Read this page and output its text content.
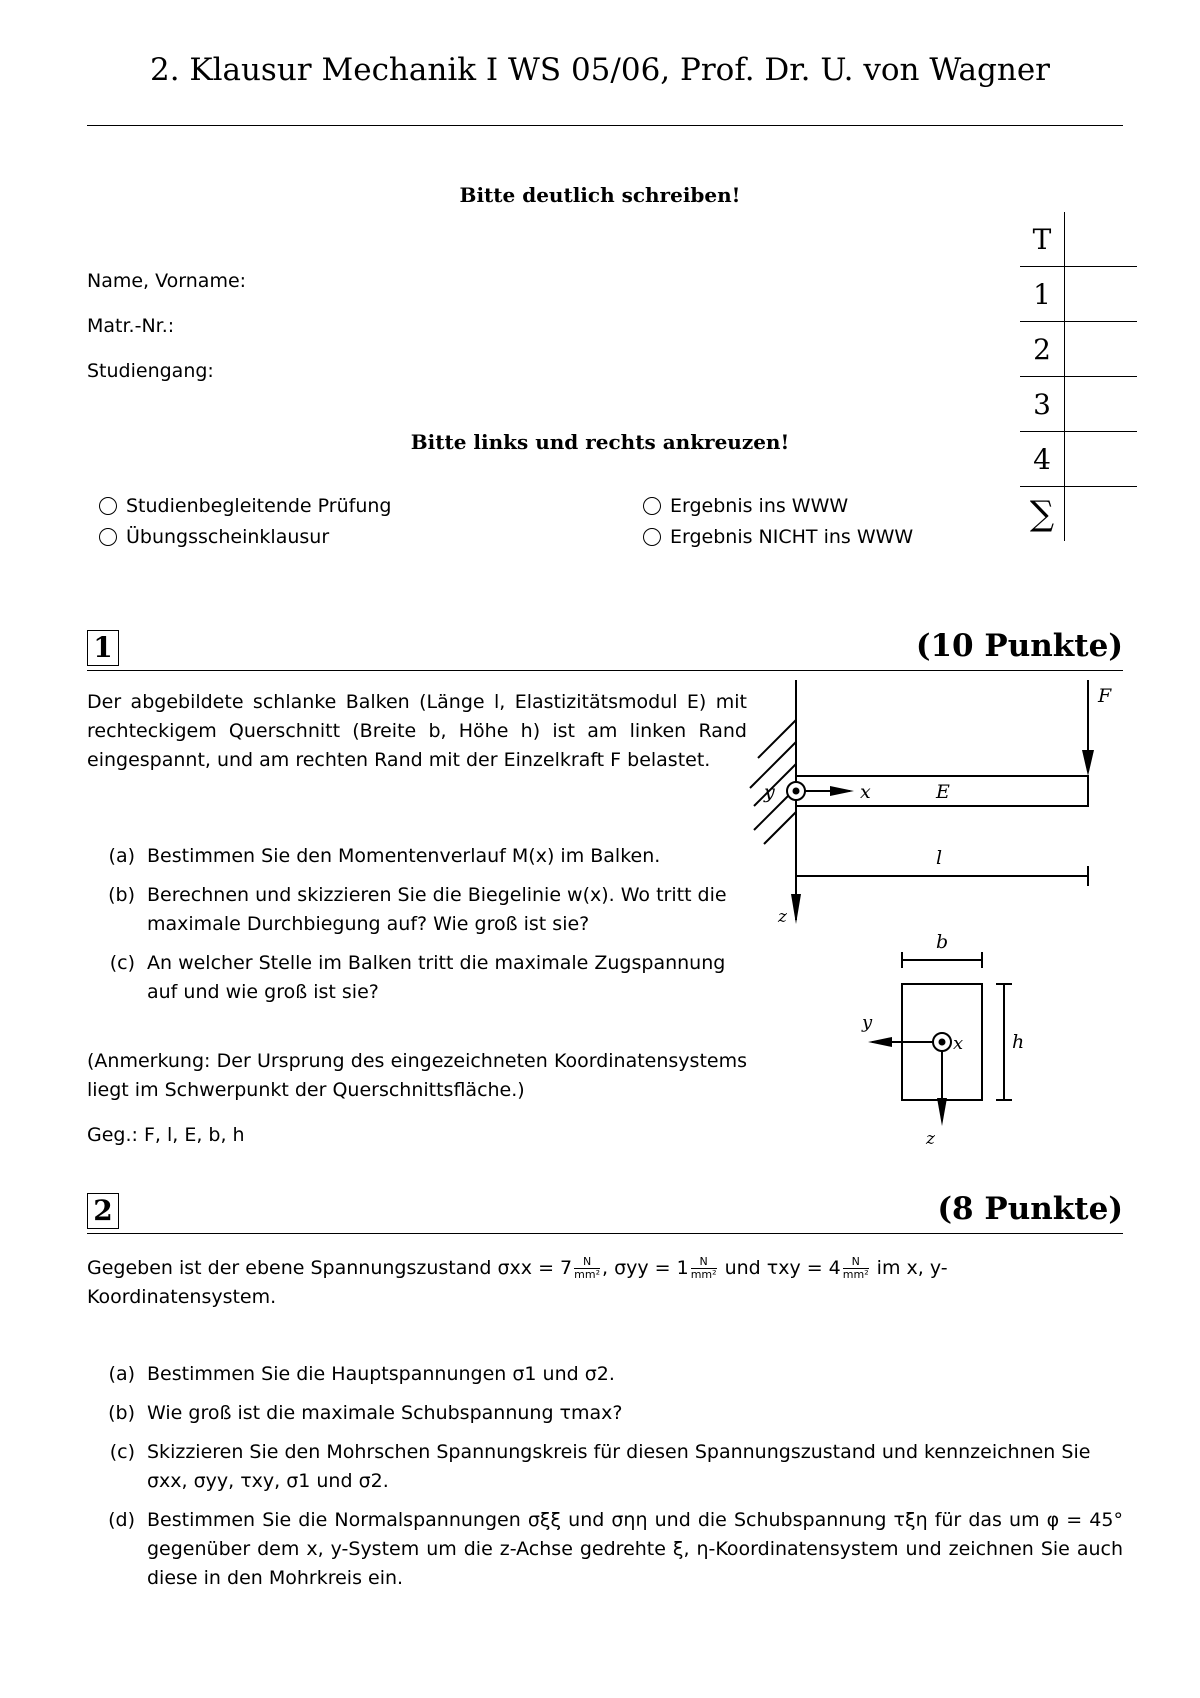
2. Klausur Mechanik I WS 05/06, Prof. Dr. U. von Wagner
Bitte deutlich schreiben!
Name, Vorname:
Matr.-Nr.:
Studiengang:
Bitte links und rechts ankreuzen!
Studienbegleitende Prüfung
Übungsscheinklausur
Ergebnis ins WWW
Ergebnis NICHT ins WWW
T	
1	
2	
3	
4	
∑	
1	(10 Punkte)
Der abgebildete schlanke Balken (Länge l, Elastizitätsmodul E) mit rechteckigem Querschnitt (Breite b, Höhe h) ist am linken Rand eingespannt, und am rechten Rand mit der Einzelkraft F belastet.
(a) Bestimmen Sie den Momentenverlauf M(x) im Balken.
(b) Berechnen und skizzieren Sie die Biegelinie w(x). Wo tritt die maximale Durchbiegung auf? Wie groß ist sie?
(c) An welcher Stelle im Balken tritt die maximale Zugspannung auf und wie groß ist sie?
(Anmerkung: Der Ursprung des eingezeichneten Koordinatensystems liegt im Schwerpunkt der Querschnittsfläche.)
Geg.: F, l, E, b, h
F
x
y	E
l
z
b
h
x
y
z
2	(8 Punkte)
Gegeben ist der ebene Spannungszustand $\sigma xx = 7 \frac{N}{\text{mm²}}$ , $\sigma yy = 1 \frac{N}{\text{mm²}}$ und $\tau xy = 4 \frac{N}{\text{mm²}}$ im x, y-Koordinatensystem.
(a) Bestimmen Sie die Hauptspannungen σ1 und σ2.
(b) Wie groß ist die maximale Schubspannung τmax?
(c) Skizzieren Sie den Mohrschen Spannungskreis für diesen Spannungszustand und kennzeichnen Sie σxx, σyy, τxy, σ1 und σ2.
(d) Bestimmen Sie die Normalspannungen σξξ und σηη und die Schubspannung τξη für das um φ = 45° gegenüber dem x, y-System um die z-Achse gedrehte ξ, η-Koordinatensystem und zeichnen Sie auch diese in den Mohrkreis ein.
